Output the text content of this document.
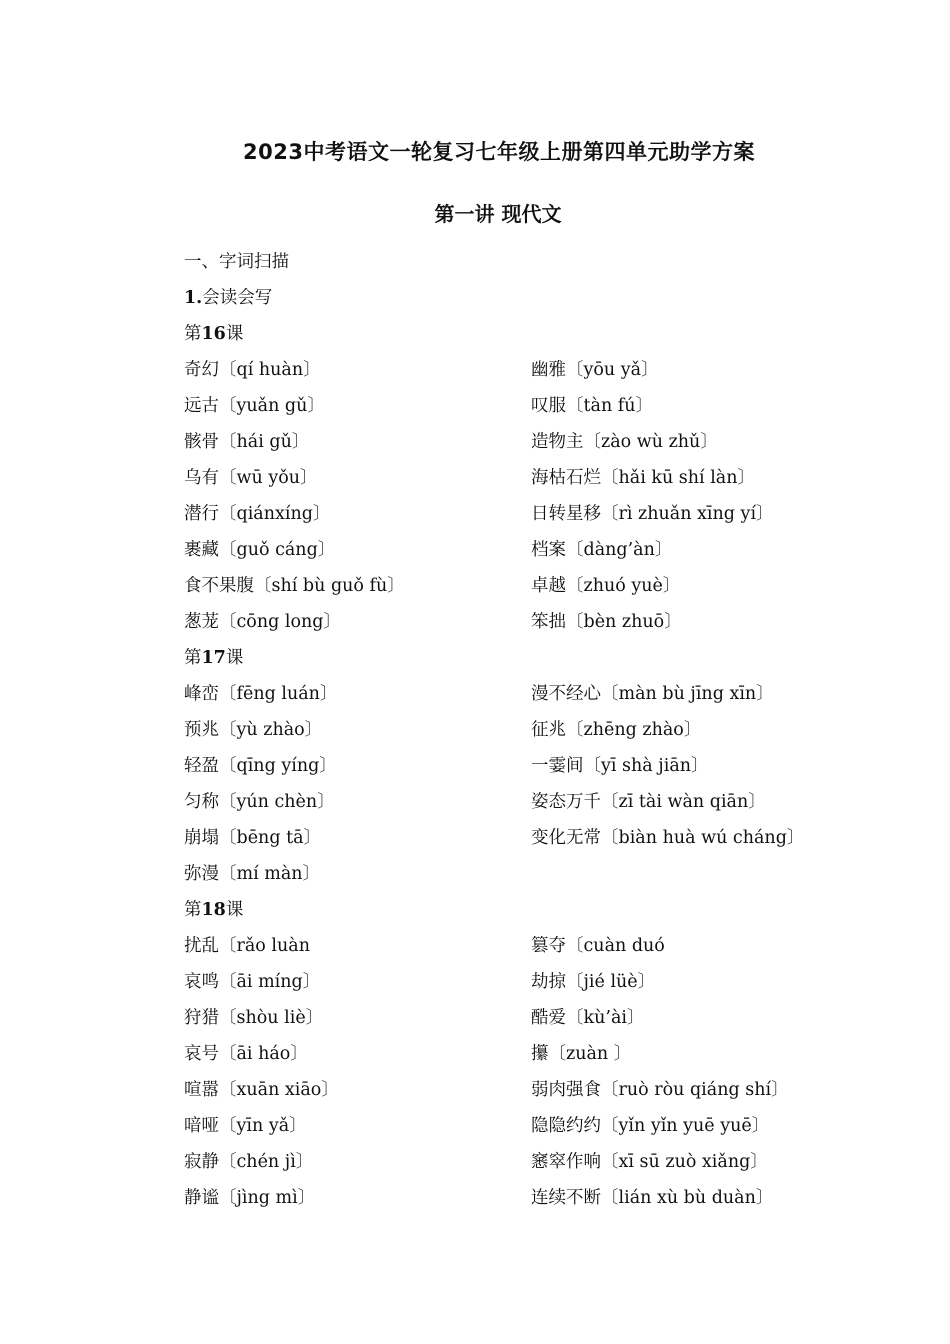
2023中考语文一轮复习七年级上册第四单元助学方案
第一讲 现代文
一、字词扫描
1.会读会写
第16课
奇幻〔qí huàn〕	幽雅〔yōu yǎ〕
远古〔yuǎn gǔ〕	叹服〔tàn fú〕
骸骨〔hái gǔ〕	造物主〔zào wù zhǔ〕
乌有〔wū yǒu〕	海枯石烂〔hǎi kū shí làn〕
潜行〔qiánxíng〕	日转星移〔rì zhuǎn xīng yí〕
裹藏〔guǒ cáng〕	档案〔dàng’àn〕
食不果腹〔shí bù guǒ fù〕	卓越〔zhuó yuè〕
葱茏〔cōng long〕	笨拙〔bèn zhuō〕
第17课
峰峦〔fēng luán〕	漫不经心〔màn bù jīng xīn〕
预兆〔yù zhào〕	征兆〔zhēng zhào〕
轻盈〔qīng yíng〕	一霎间〔yī shà jiān〕
匀称〔yún chèn〕	姿态万千〔zī tài wàn qiān〕
崩塌〔bēng tā〕	变化无常〔biàn huà wú cháng〕
弥漫〔mí màn〕
第18课
扰乱〔rǎo luàn	篡夺〔cuàn duó
哀鸣〔āi míng〕	劫掠〔jié lüè〕
狩猎〔shòu liè〕	酷爱〔kù’ài〕
哀号〔āi háo〕	攥〔zuàn 〕
喧嚣〔xuān xiāo〕	弱肉强食〔ruò ròu qiáng shí〕
喑哑〔yīn yǎ〕	隐隐约约〔yǐn yǐn yuē yuē〕
寂静〔chén jì〕	窸窣作响〔xī sū zuò xiǎng〕
静谧〔jìng mì〕	连续不断〔lián xù bù duàn〕
